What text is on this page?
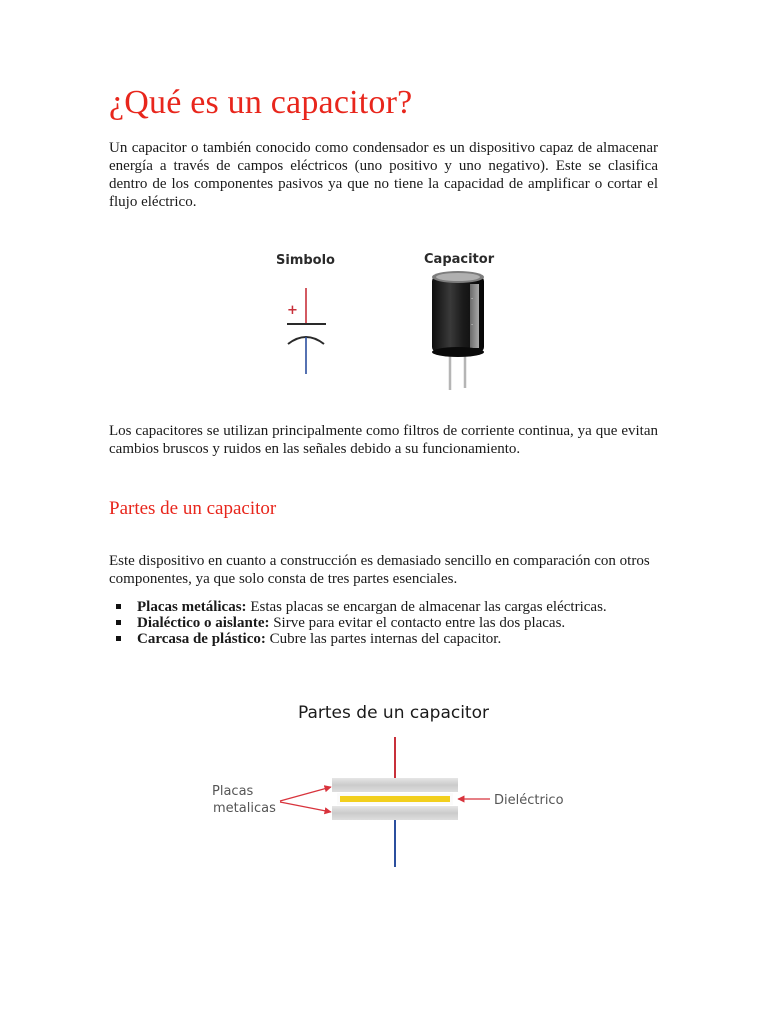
¿Qué es un capacitor?

Un capacitor o también conocido como condensador es un dispositivo capaz de almacenar energía a través de campos eléctricos (uno positivo y uno negativo). Este se clasifica dentro de los componentes pasivos ya que no tiene la capacidad de amplificar o cortar el flujo eléctrico.

Simbolo	Capacitor
+
-
-

Los capacitores se utilizan principalmente como filtros de corriente continua, ya que evitan cambios bruscos y ruidos en las señales debido a su funcionamiento.

Partes de un capacitor

Este dispositivo en cuanto a construcción es demasiado sencillo en comparación con otros componentes, ya que solo consta de tres partes esenciales.

Placas metálicas: Estas placas se encargan de almacenar las cargas eléctricas.
Dialéctico o aislante: Sirve para evitar el contacto entre las dos placas.
Carcasa de plástico: Cubre las partes internas del capacitor.
Partes de un capacitor
Placas
metalicas
Dieléctrico
